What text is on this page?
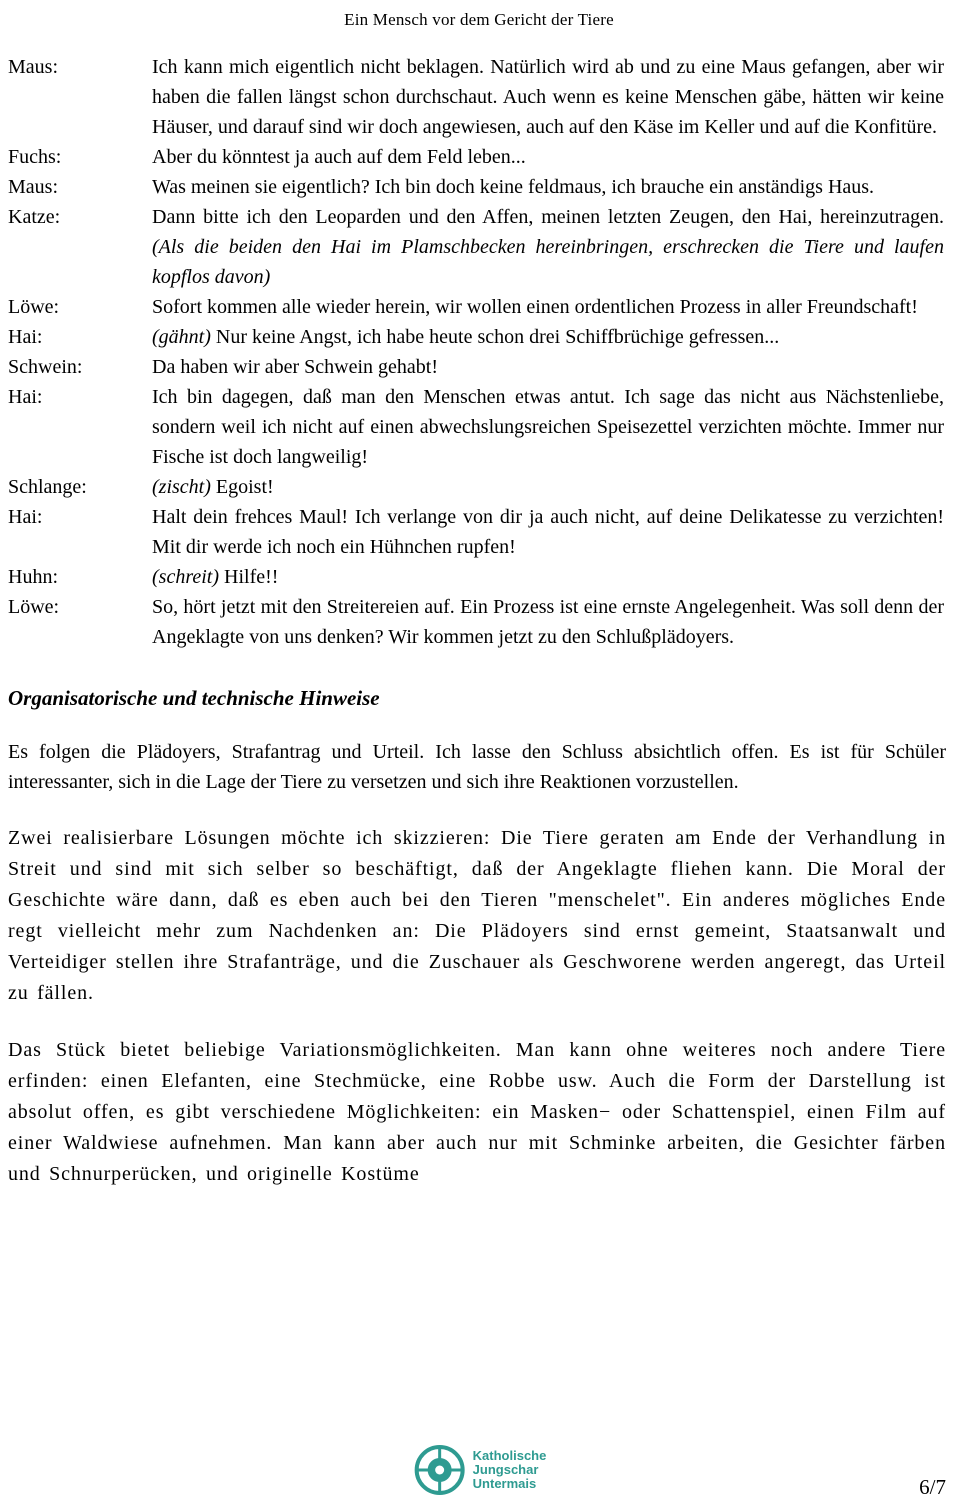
Ein Mensch vor dem Gericht der Tiere
Maus:	Ich kann mich eigentlich nicht beklagen. Natürlich wird ab und zu eine Maus gefangen, aber wir haben die fallen längst schon durchschaut. Auch wenn es keine Menschen gäbe, hätten wir keine Häuser, und darauf sind wir doch angewiesen, auch auf den Käse im Keller und auf die Konfitüre.
Fuchs:	Aber du könntest ja auch auf dem Feld leben...
Maus:	Was meinen sie eigentlich? Ich bin doch keine feldmaus, ich brauche ein anständigs Haus.
Katze:	Dann bitte ich den Leoparden und den Affen, meinen letzten Zeugen, den Hai, hereinzutragen. (Als die beiden den Hai im Plamschbecken hereinbringen, erschrecken die Tiere und laufen kopflos davon)
Löwe:	Sofort kommen alle wieder herein, wir wollen einen ordentlichen Prozess in aller Freundschaft!
Hai:	(gähnt) Nur keine Angst, ich habe heute schon drei Schiffbrüchige gefressen...
Schwein:	Da haben wir aber Schwein gehabt!
Hai:	Ich bin dagegen, daß man den Menschen etwas antut. Ich sage das nicht aus Nächstenliebe, sondern weil ich nicht auf einen abwechslungsreichen Speisezettel verzichten möchte. Immer nur Fische ist doch langweilig!
Schlange:	(zischt) Egoist!
Hai:	Halt dein frehces Maul! Ich verlange von dir ja auch nicht, auf deine Delikatesse zu verzichten! Mit dir werde ich noch ein Hühnchen rupfen!
Huhn:	(schreit) Hilfe!!
Löwe:	So, hört jetzt mit den Streitereien auf. Ein Prozess ist eine ernste Angelegenheit. Was soll denn der Angeklagte von uns denken? Wir kommen jetzt zu den Schlußplädoyers.
Organisatorische und technische Hinweise

Es folgen die Plädoyers, Strafantrag und Urteil. Ich lasse den Schluss absichtlich offen. Es ist für Schüler interessanter, sich in die Lage der Tiere zu versetzen und sich ihre Reaktionen vorzustellen.

Zwei realisierbare Lösungen möchte ich skizzieren: Die Tiere geraten am Ende der Verhandlung in Streit und sind mit sich selber so beschäftigt, daß der Angeklagte fliehen kann. Die Moral der Geschichte wäre dann, daß es eben auch bei den Tieren "menschelet". Ein anderes mögliches Ende regt vielleicht mehr zum Nachdenken an: Die Plädoyers sind ernst gemeint, Staatsanwalt und Verteidiger stellen ihre Strafanträge, und die Zuschauer als Geschworene werden angeregt, das Urteil zu fällen.

Das Stück bietet beliebige Variationsmöglichkeiten. Man kann ohne weiteres noch andere Tiere erfinden: einen Elefanten, eine Stechmücke, eine Robbe usw. Auch die Form der Darstellung ist absolut offen, es gibt verschiedene Möglichkeiten: ein Masken− oder Schattenspiel, einen Film auf einer Waldwiese aufnehmen. Man kann aber auch nur mit Schminke arbeiten, die Gesichter färben und Schnurperücken, und originelle Kostüme

Katholische
Jungschar
Untermais	6/7
